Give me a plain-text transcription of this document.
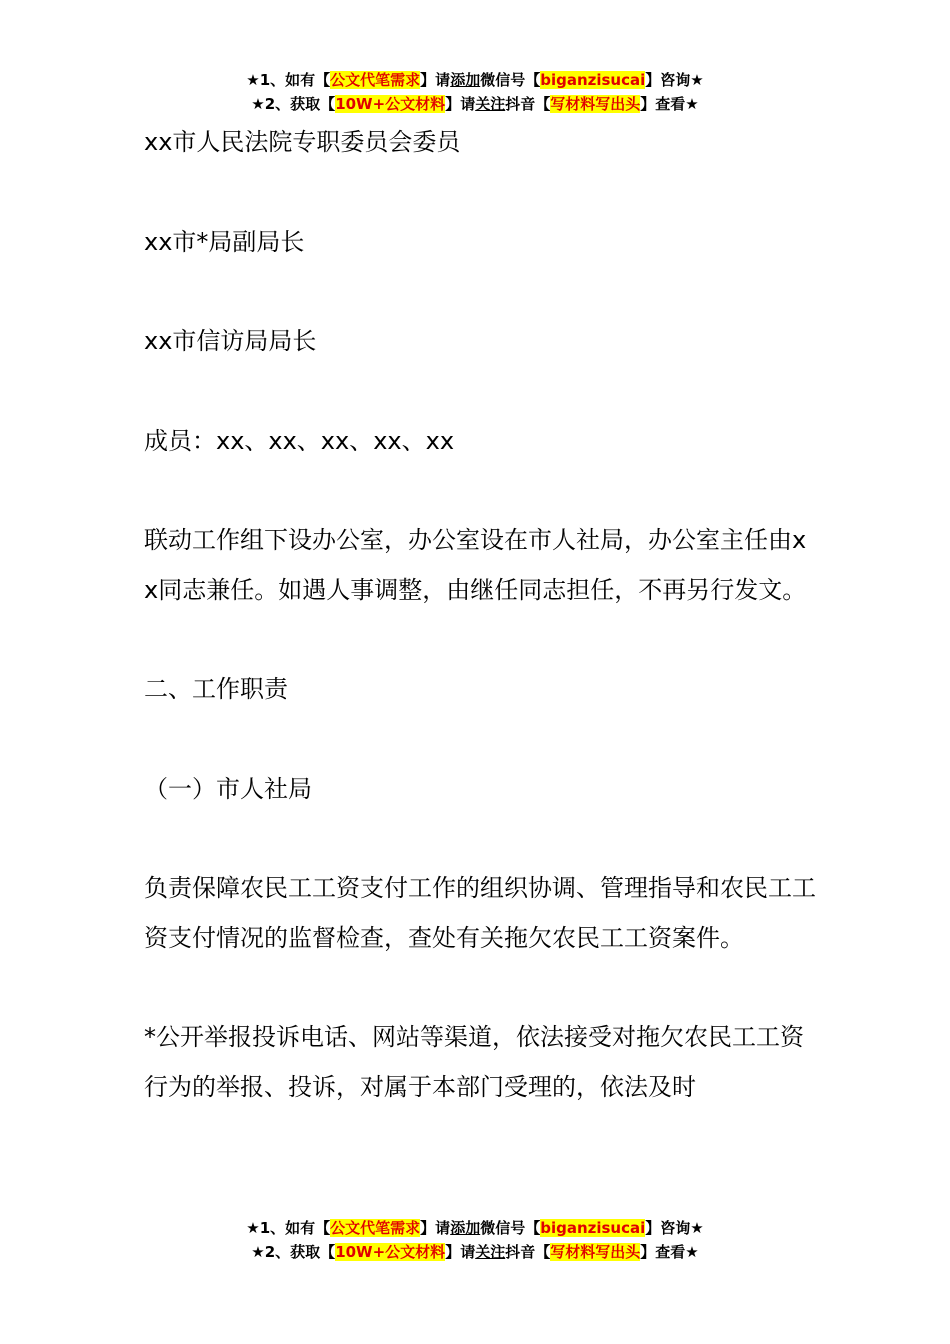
★1、如有【公文代笔需求】请添加微信号【biganzisucai】咨询★
★2、获取【10W+公文材料】请关注抖音【写材料写出头】查看★

xx市人民法院专职委员会委员

xx市*局副局长

xx市信访局局长

成员：xx、xx、xx、xx、xx

联动工作组下设办公室，办公室设在市人社局，办公室主任由xx同志兼任。如遇人事调整，由继任同志担任，不再另行发文。

二、工作职责

（一）市人社局

负责保障农民工工资支付工作的组织协调、管理指导和农民工工资支付情况的监督检查，查处有关拖欠农民工工资案件。

*公开举报投诉电话、网站等渠道，依法接受对拖欠农民工工资行为的举报、投诉，对属于本部门受理的，依法及时

★1、如有【公文代笔需求】请添加微信号【biganzisucai】咨询★
★2、获取【10W+公文材料】请关注抖音【写材料写出头】查看★
